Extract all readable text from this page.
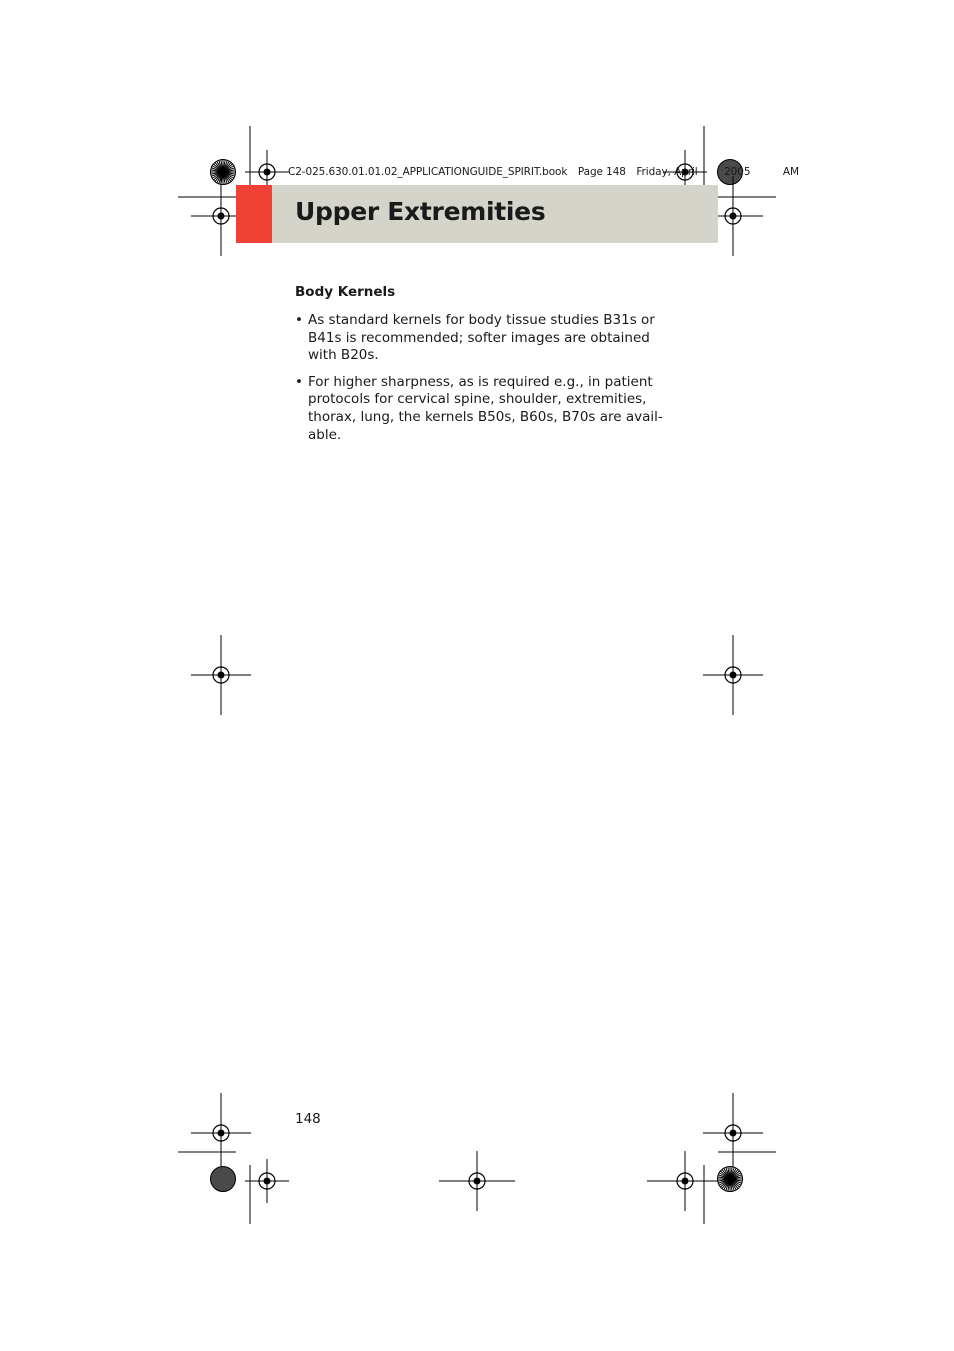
C2-025.630.01.01.02_APPLICATIONGUIDE_SPIRIT.book Page 148 Friday, April	2005	AM
Upper Extremities
Body Kernels
• As standard kernels for body tissue studies B31s or
B41s is recommended; softer images are obtained
with B20s.
• For higher sharpness, as is required e.g., in patient
protocols for cervical spine, shoulder, extremities,
thorax, lung, the kernels B50s, B60s, B70s are avail-
able.
148
